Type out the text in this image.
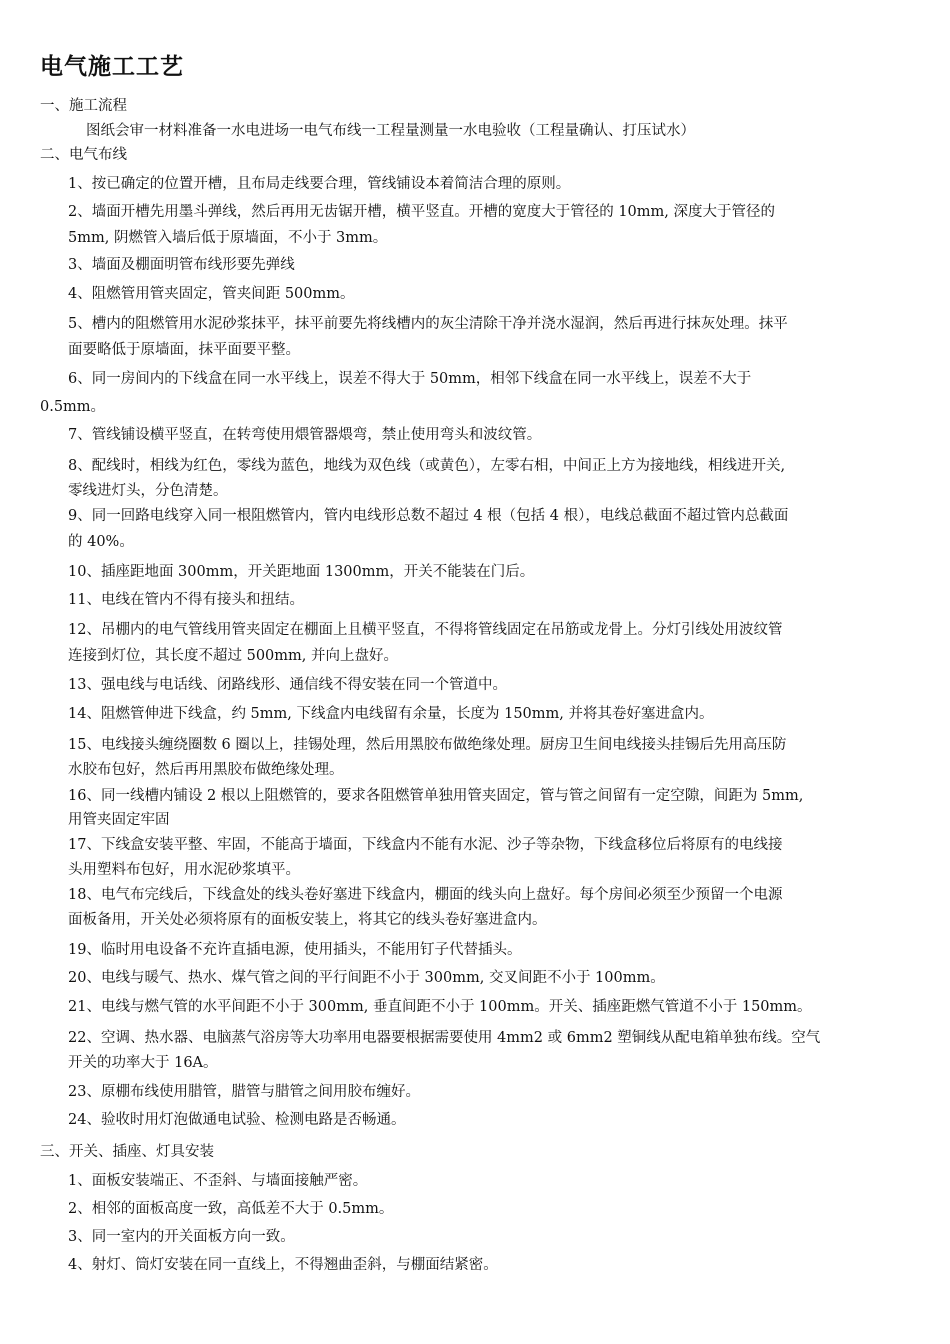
电气施工工艺
一、施工流程
图纸会审一材料准备一水电进场一电气布线一工程量测量一水电验收（工程量确认、打压试水）
二、电气布线
1、按已确定的位置开槽，且布局走线要合理，管线铺设本着简洁合理的原则。
2、墙面开槽先用墨斗弹线，然后再用无齿锯开槽，横平竖直。开槽的宽度大于管径的 10mm, 深度大于管径的
5mm, 阴燃管入墙后低于原墙面，不小于 3mm。
3、墙面及棚面明管布线形要先弹线
4、阻燃管用管夹固定，管夹间距 500mm。
5、槽内的阻燃管用水泥砂浆抹平，抹平前要先将线槽内的灰尘清除干净并浇水湿润，然后再进行抹灰处理。抹平
面要略低于原墙面，抹平面要平整。
6、同一房间内的下线盒在同一水平线上，误差不得大于 50mm，相邻下线盒在同一水平线上，误差不大于
0.5mm。
7、管线铺设横平竖直，在转弯使用煨管器煨弯，禁止使用弯头和波纹管。
8、配线时，相线为红色，零线为蓝色，地线为双色线（或黄色），左零右相，中间正上方为接地线，相线进开关,
零线进灯头，分色清楚。
9、同一回路电线穿入同一根阻燃管内，管内电线形总数不超过 4 根（包括 4 根），电线总截面不超过管内总截面
的 40%。
10、插座距地面 300mm，开关距地面 1300mm，开关不能装在门后。
11、电线在管内不得有接头和扭结。
12、吊棚内的电气管线用管夹固定在棚面上且横平竖直，不得将管线固定在吊筋或龙骨上。分灯引线处用波纹管
连接到灯位，其长度不超过 500mm, 并向上盘好。
13、强电线与电话线、闭路线形、通信线不得安装在同一个管道中。
14、阻燃管伸进下线盒，约 5mm, 下线盒内电线留有余量，长度为 150mm, 并将其卷好塞进盒内。
15、电线接头缠绕圈数 6 圈以上，挂锡处理，然后用黑胶布做绝缘处理。厨房卫生间电线接头挂锡后先用高压防
水胶布包好，然后再用黑胶布做绝缘处理。
16、同一线槽内铺设 2 根以上阻燃管的，要求各阻燃管单独用管夹固定，管与管之间留有一定空隙，间距为 5mm,
用管夹固定牢固
17、下线盒安装平整、牢固，不能高于墙面，下线盒内不能有水泥、沙子等杂物，下线盒移位后将原有的电线接
头用塑料布包好，用水泥砂浆填平。
18、电气布完线后，下线盒处的线头卷好塞进下线盒内，棚面的线头向上盘好。每个房间必须至少预留一个电源
面板备用，开关处必须将原有的面板安装上，将其它的线头卷好塞进盒内。
19、临时用电设备不充许直插电源，使用插头，不能用钉子代替插头。
20、电线与暖气、热水、煤气管之间的平行间距不小于 300mm, 交叉间距不小于 100mm。
21、电线与燃气管的水平间距不小于 300mm, 垂直间距不小于 100mm。开关、插座距燃气管道不小于 150mm。
22、空调、热水器、电脑蒸气浴房等大功率用电器要根据需要使用 4mm2 或 6mm2 塑铜线从配电箱单独布线。空气
开关的功率大于 16A。
23、原棚布线使用腊管，腊管与腊管之间用胶布缠好。
24、验收时用灯泡做通电试验、检测电路是否畅通。
三、开关、插座、灯具安装
1、面板安装端正、不歪斜、与墙面接触严密。
2、相邻的面板高度一致，高低差不大于 0.5mm。
3、同一室内的开关面板方向一致。
4、射灯、筒灯安装在同一直线上，不得翘曲歪斜，与棚面结紧密。
